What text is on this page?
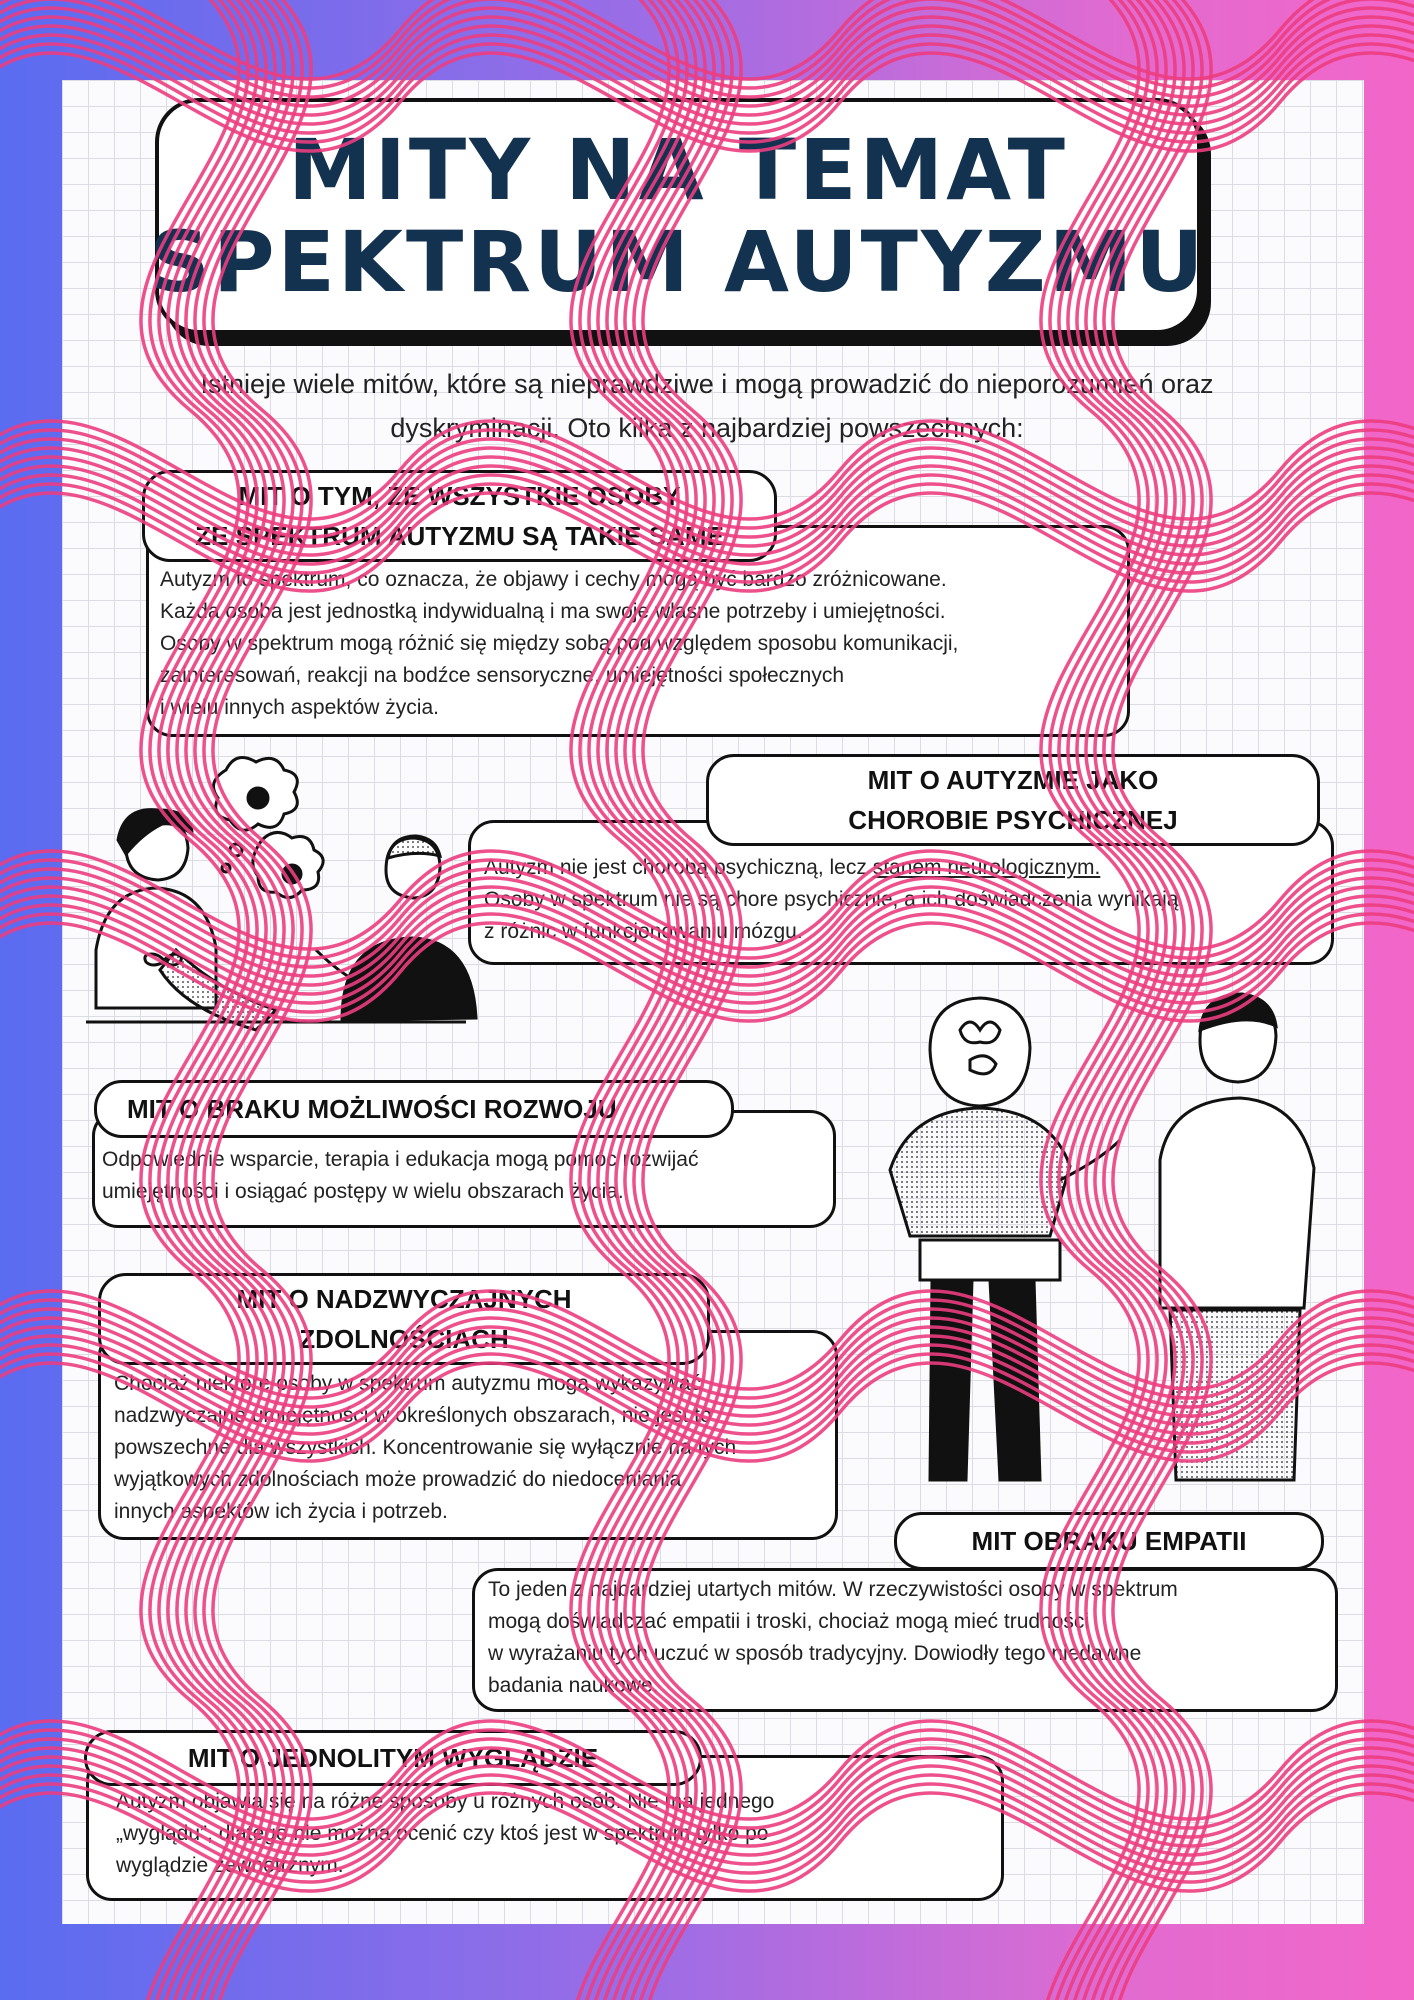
MITY NA TEMAT
SPEKTRUM AUTYZMU
Istnieje wiele mitów, które są nieprawdziwe i mogą prowadzić do nieporozumień oraz dyskryminacji. Oto kilka z najbardziej powszechnych:
MIT O TYM, ŻE WSZYSTKIE OSOBY
ZE SPEKTRUM AUTYZMU SĄ TAKIE SAME
Autyzm to spektrum, co oznacza, że objawy i cechy mogą być bardzo zróżnicowane.
Każda osoba jest jednostką indywidualną i ma swoje własne potrzeby i umiejętności.
Osoby w spektrum mogą różnić się między sobą pod względem sposobu komunikacji,
zainteresowań, reakcji na bodźce sensoryczne, umiejętności społecznych
i wielu innych aspektów życia.
MIT O AUTYZMIE JAKO
CHOROBIE PSYCHICZNEJ
Autyzm nie jest chorobą psychiczną, lecz stanem neurologicznym.
Osoby w spektrum nie są chore psychicznie, a ich doświadczenia wynikają
z różnic w funkcjonowaniu mózgu.
MIT O BRAKU MOŻLIWOŚCI ROZWOJU
Odpowiednie wsparcie, terapia i edukacja mogą pomóc rozwijać
umiejętności i osiągać postępy w wielu obszarach życia.
MIT O NADZWYCZAJNYCH
ZDOLNOŚCIACH
Chociaż niektóre osoby w spektrum autyzmu mogą wykazywać
nadzwyczajne umiejętności w określonych obszarach, nie jest to
powszechne dla wszystkich. Koncentrowanie się wyłącznie na tych
wyjątkowych zdolnościach może prowadzić do niedoceniania
innych aspektów ich życia i potrzeb.
MIT OBRAKU EMPATII
To jeden z najbardziej utartych mitów. W rzeczywistości osoby w spektrum
mogą doświadczać empatii i troski, chociaż mogą mieć trudności
w wyrażaniu tych uczuć w sposób tradycyjny. Dowiodły tego niedawne
badania naukowe.
MIT O JEDNOLITYM WYGLĄDZIE
Autyzm objawia się na różne sposoby u różnych osób. Nie ma jednego
„wyglądu”, dlatego nie można ocenić czy ktoś jest w spektrum tylko po
wyglądzie zewnętrznym.
